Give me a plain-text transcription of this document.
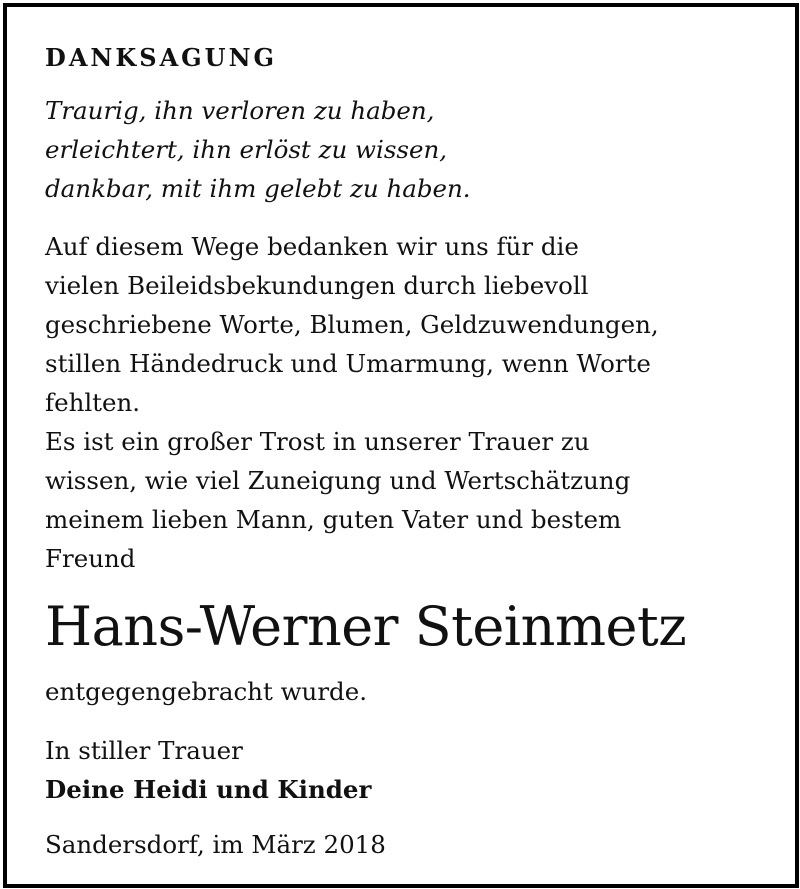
DANKSAGUNG
Traurig, ihn verloren zu haben,
erleichtert, ihn erlöst zu wissen,
dankbar, mit ihm gelebt zu haben.
Auf diesem Wege bedanken wir uns für die
vielen Beileidsbekundungen durch liebevoll
geschriebene Worte, Blumen, Geldzuwendungen,
stillen Händedruck und Umarmung, wenn Worte
fehlten.
Es ist ein großer Trost in unserer Trauer zu
wissen, wie viel Zuneigung und Wertschätzung
meinem lieben Mann, guten Vater und bestem
Freund
Hans-Werner Steinmetz
entgegengebracht wurde.
In stiller Trauer
Deine Heidi und Kinder
Sandersdorf, im März 2018
